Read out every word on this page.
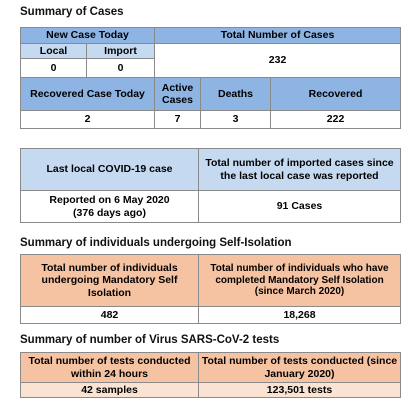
Summary of Cases
New Case Today		Total Number of Cases		
Local	Import	232		
0	0			
Recovered Case Today		Active Cases	Deaths	Recovered
2		7	3	222
Last local COVID-19 case	Total number of imported cases since the last local case was reported

Reported on 6 May 2020
(376 days ago)	91 Cases
Summary of individuals undergoing Self-Isolation
Total number of individuals undergoing Mandatory Self Isolation	Total number of individuals who have completed Mandatory Self Isolation
(since March 2020)

482	18,268
Summary of number of Virus SARS-CoV-2 tests
Total number of tests conducted within 24 hours	Total number of tests conducted (since January 2020)
42 samples	123,501 tests
